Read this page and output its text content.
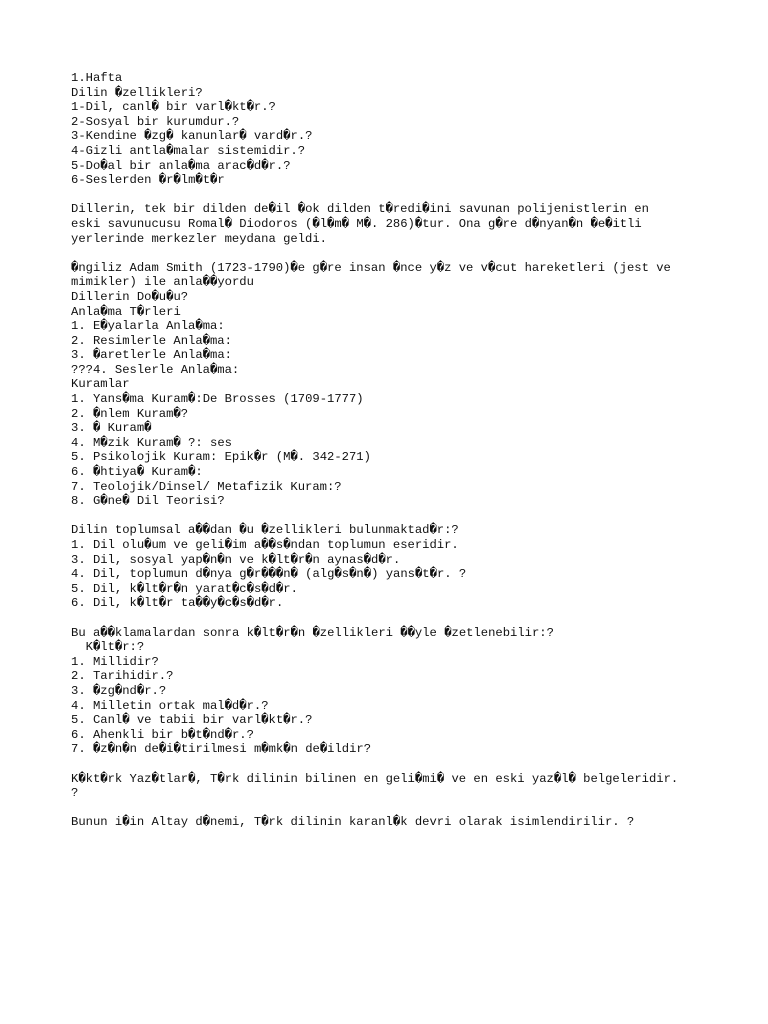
1.Hafta
Dilin �zellikleri?
1-Dil, canl� bir varl�kt�r.?
2-Sosyal bir kurumdur.?
3-Kendine �zg� kanunlar� vard�r.?
4-Gizli antla�malar sistemidir.?
5-Do�al bir anla�ma arac�d�r.?
6-Seslerden �r�lm�t�r
Dillerin, tek bir dilden de�il �ok dilden t�redi�ini savunan polijenistlerin en
eski savunucusu Romal� Diodoros (�l�m� M�. 286)�tur. Ona g�re d�nyan�n �e�itli
yerlerinde merkezler meydana geldi.
�ngiliz Adam Smith (1723-1790)�e g�re insan �nce y�z ve v�cut hareketleri (jest ve
mimikler) ile anla��yordu
Dillerin Do�u�u?
Anla�ma T�rleri
1. E�yalarla Anla�ma:
2. Resimlerle Anla�ma:
3. �aretlerle Anla�ma:
???4. Seslerle Anla�ma:
Kuramlar
1. Yans�ma Kuram�:De Brosses (1709-1777)
2. �nlem Kuram�?
3. � Kuram�
4. M�zik Kuram� ?: ses
5. Psikolojik Kuram: Epik�r (M�. 342-271)
6. �htiya� Kuram�:
7. Teolojik/Dinsel/ Metafizik Kuram:?
8. G�ne� Dil Teorisi?
Dilin toplumsal a��dan �u �zellikleri bulunmaktad�r:?
1. Dil olu�um ve geli�im a��s�ndan toplumun eseridir.
3. Dil, sosyal yap�n�n ve k�lt�r�n aynas�d�r.
4. Dil, toplumun d�nya g�r���n� (alg�s�n�) yans�t�r. ?
5. Dil, k�lt�r�n yarat�c�s�d�r.
6. Dil, k�lt�r ta��y�c�s�d�r.
Bu a��klamalardan sonra k�lt�r�n �zellikleri ��yle �zetlenebilir:?
K�lt�r:?
1. Millidir?
2. Tarihidir.?
3. �zg�nd�r.?
4. Milletin ortak mal�d�r.?
5. Canl� ve tabii bir varl�kt�r.?
6. Ahenkli bir b�t�nd�r.?
7. �z�n�n de�i�tirilmesi m�mk�n de�ildir?
K�kt�rk Yaz�tlar�, T�rk dilinin bilinen en geli�mi� ve en eski yaz�l� belgeleridir.
?
Bunun i�in Altay d�nemi, T�rk dilinin karanl�k devri olarak isimlendirilir. ?
